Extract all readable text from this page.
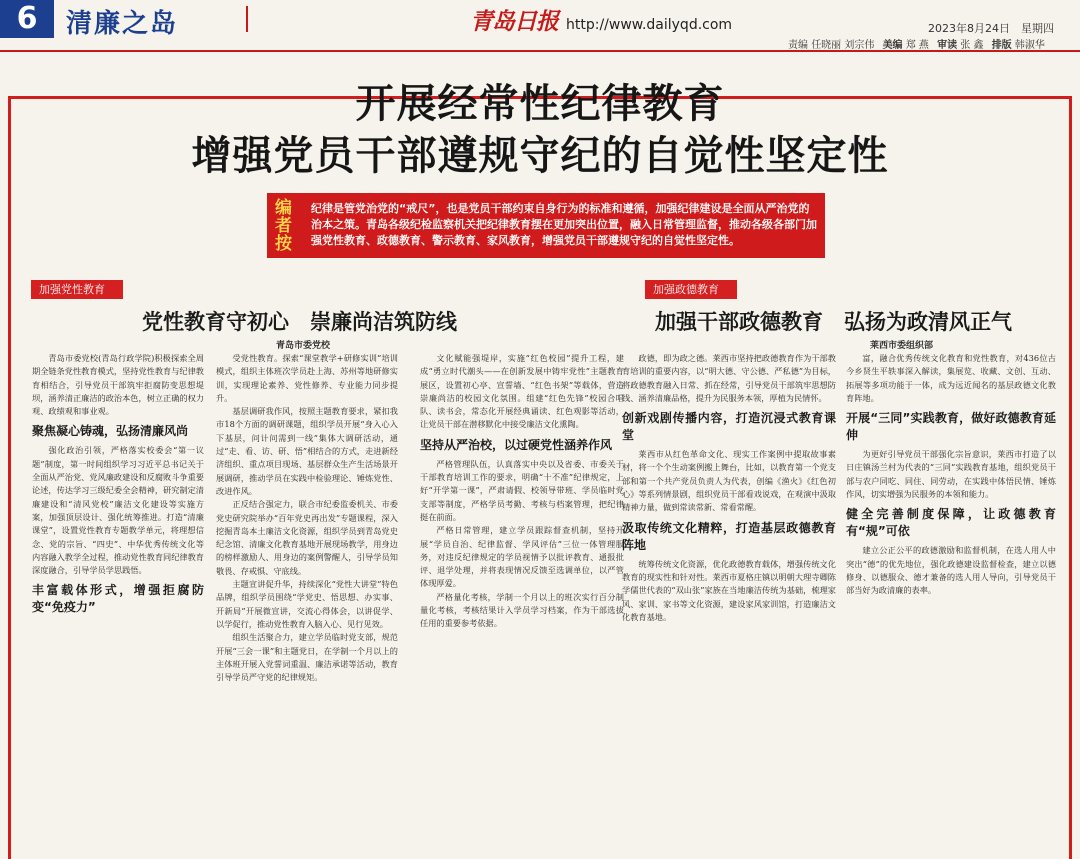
6	清廉之岛	青岛日报 http://www.dailyqd.com	2023年8月24日　星期四
责编 任晓丽 刘宗伟 美编 郑 燕 审读 张 鑫 排版 韩淑华
开展经常性纪律教育
增强党员干部遵规守纪的自觉性坚定性
编者按
纪律是管党治党的“戒尺”，也是党员干部约束自身行为的标准和遵循，加强纪律建设是全面从严治党的治本之策。青岛各级纪检监察机关把纪律教育摆在更加突出位置，融入日常管理监督，推动各级各部门加强党性教育、政德教育、警示教育、家风教育，增强党员干部遵规守纪的自觉性坚定性。
加强党性教育
党性教育守初心　崇廉尚洁筑防线
青岛市委党校
加强政德教育
加强干部政德教育　弘扬为政清风正气
莱西市委组织部

青岛市委党校(青岛行政学院)积极探索全周期全链条党性教育模式，坚持党性教育与纪律教育相结合，引导党员干部筑牢拒腐防变思想堤坝，涵养清正廉洁的政治本色，树立正确的权力观、政绩观和事业观。

聚焦凝心铸魂，弘扬清廉风尚

强化政治引领，严格落实校委会“第一议题”制度，第一时间组织学习习近平总书记关于全面从严治党、党风廉政建设和反腐败斗争重要论述，传达学习三级纪委全会精神，研究制定清廉建设和“清风党校”廉洁文化建设等实施方案，加强顶层设计、强化统筹推进。打造“清廉课堂”，设置党性教育专题教学单元，将理想信念、党的宗旨、“四史”、中华优秀传统文化等内容融入教学全过程，推动党性教育同纪律教育深度融合，引导学员学思践悟。

丰富载体形式，增强拒腐防变“免疫力”

受党性教育。探索“课堂教学+研修实训”培训模式，组织主体班次学员赴上海、苏州等地研修实训，实现理论素养、党性修养、专业能力同步提升。

基层调研我作风，按照主题教育要求，紧扣我市18个方面的调研课题，组织学员开展“身入心入下基层，问计问需到一线”集体大调研活动，通过“走、看、访、研、悟”相结合的方式，走进新经济组织、重点项目现场、基层群众生产生活场景开展调研，推动学员在实践中检验理论、锤炼党性、改进作风。

正反结合强定力，联合市纪委监委机关、市委党史研究院举办“百年党史再出发”专题课程，深入挖掘青岛本土廉洁文化资源，组织学员到青岛党史纪念馆、清廉文化教育基地开展现场教学，用身边的榜样激励人、用身边的案例警醒人，引导学员知敬畏、存戒惧、守底线。

主题宣讲促升华，持续深化“党性大讲堂”特色品牌，组织学员围绕“学党史、悟思想、办实事、开新局”开展微宣讲，交流心得体会，以讲促学、以学促行，推动党性教育入脑入心、见行见效。

组织生活聚合力，建立学员临时党支部，规范开展“三会一课”和主题党日，在学制一个月以上的主体班开展入党誓词重温、廉洁承诺等活动，教育引导学员严守党的纪律规矩。

文化赋能强堤岸，实施“红色校园”提升工程，建成“勇立时代潮头——在创新发展中铸牢党性”主题教育展区，设置初心亭、宣誓墙、“红色书架”等载体，营造崇廉尚洁的校园文化氛围。组建“红色先锋”校园合唱队、读书会，常态化开展经典诵读、红色观影等活动，让党员干部在潜移默化中接受廉洁文化熏陶。

坚持从严治校，以过硬党性涵养作风

严格管理队伍，认真落实中央以及省委、市委关于干部教育培训工作的要求，明确“十不准”纪律规定，上好“开学第一课”，严肃请假、校领导带班、学员临时党支部等制度，严格学员考勤、考核与档案管理，把纪律挺在前面。

严格日常管理，建立学员跟踪督查机制，坚持开展“学员自治、纪律监督、学风评估”三位一体管理服务，对违反纪律规定的学员视情予以批评教育、通报批评、退学处理，并将表现情况反馈至选调单位，以严管体现厚爱。

严格量化考核，学制一个月以上的班次实行百分制量化考核，考核结果计入学员学习档案，作为干部选拔任用的重要参考依据。

政德，即为政之德。莱西市坚持把政德教育作为干部教育培训的重要内容，以“明大德、守公德、严私德”为目标，将政德教育融入日常、抓在经常，引导党员干部筑牢思想防线、涵养清廉品格，提升为民服务本领，厚植为民情怀。

创新戏剧传播内容，打造沉浸式教育课堂

莱西市从红色革命文化、现实工作案例中提取故事素材，将一个个生动案例搬上舞台，比如，以教育第一个党支部和第一个共产党员负责人为代表，创编《渔火》《红色初心》等系列情景剧，组织党员干部看戏说戏，在观演中汲取精神力量，做到常读常新、常看常醒。

汲取传统文化精粹，打造基层政德教育阵地

统筹传统文化资源，优化政德教育载体，增强传统文化教育的现实性和针对性。莱西市夏格庄镇以明朝大理寺卿陈学儒世代表的“双山张”家族在当地廉洁传统为基础，梳理家风、家训、家书等文化资源，建设家风家训馆，打造廉洁文化教育基地。

富，融合优秀传统文化教育和党性教育，对436位古今乡贤生平轶事深入解读，集展览、收藏、文创、互动、拓展等多项功能于一体，成为远近闻名的基层政德文化教育阵地。

开展“三同”实践教育，做好政德教育延伸

为更好引导党员干部强化宗旨意识，莱西市打造了以日庄镇汤兰村为代表的“三同”实践教育基地，组织党员干部与农户同吃、同住、同劳动，在实践中体悟民情、锤炼作风，切实增强为民服务的本领和能力。

健全完善制度保障，让政德教育有“规”可依

建立公正公平的政德激励和监督机制，在选人用人中突出“德”的优先地位，强化政德建设监督检查，建立以德修身、以德服众、德才兼备的选人用人导向，引导党员干部当好为政清廉的表率。
